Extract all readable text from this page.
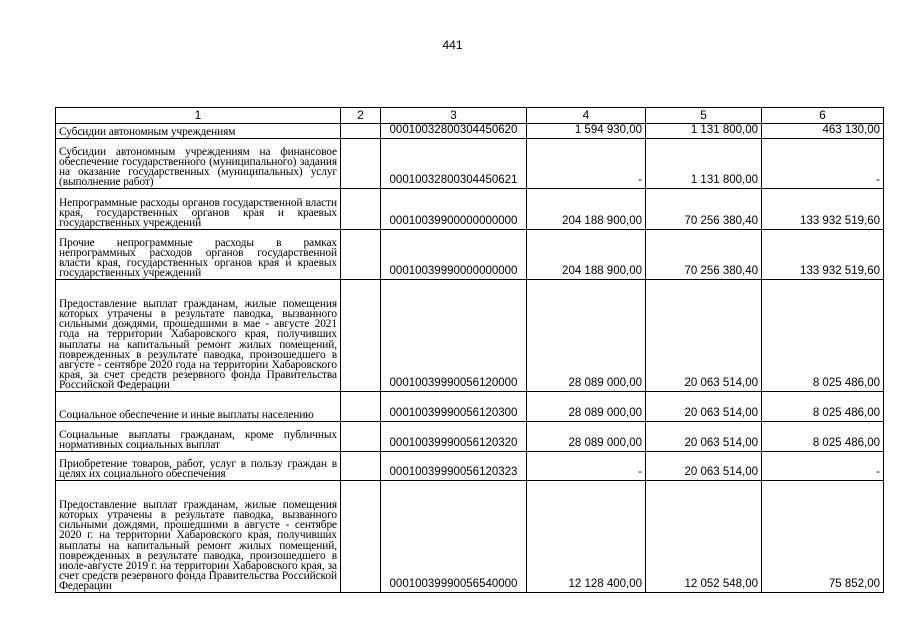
441
1	2	3	4	5	6
Субсидии автономным учреждениям		00010032800304450620	1 594 930,00	1 131 800,00	463 130,00
Субсидии автономным учреждениям на финансовое обеспечение государственного (муниципального) задания на оказание государственных (муниципальных) услуг (выполнение работ)		00010032800304450621	-	1 131 800,00	-
Непрограммные расходы органов государственной власти края, государственных органов края и краевых государственных учреждений		00010039900000000000	204 188 900,00	70 256 380,40	133 932 519,60
Прочие непрограммные расходы в рамках непрограммных расходов органов государственной власти края, государственных органов края и краевых государственных учреждений		00010039990000000000	204 188 900,00	70 256 380,40	133 932 519,60
Предоставление выплат гражданам, жилые помещения которых утрачены в результате паводка, вызванного сильными дождями, прошедшими в мае - августе 2021 года на территории Хабаровского края, получивших выплаты на капитальный ремонт жилых помещений, поврежденных в результате паводка, произошедшего в августе - сентябре 2020 года на территории Хабаровского края, за счет средств резервного фонда Правительства Российской Федерации		00010039990056120000	28 089 000,00	20 063 514,00	8 025 486,00
Социальное обеспечение и иные выплаты населению		00010039990056120300	28 089 000,00	20 063 514,00	8 025 486,00
Социальные выплаты гражданам, кроме публичных нормативных социальных выплат		00010039990056120320	28 089 000,00	20 063 514,00	8 025 486,00
Приобретение товаров, работ, услуг в пользу граждан в целях их социального обеспечения		00010039990056120323	-	20 063 514,00	-
Предоставление выплат гражданам, жилые помещения которых утрачены в результате паводка, вызванного сильными дождями, прошедшими в августе - сентябре 2020 г. на территории Хабаровского края, получивших выплаты на капитальный ремонт жилых помещений, поврежденных в результате паводка, произошедшего в июле-августе 2019 г. на территории Хабаровского края, за счет средств резервного фонда Правительства Российской Федерации		00010039990056540000	12 128 400,00	12 052 548,00	75 852,00
